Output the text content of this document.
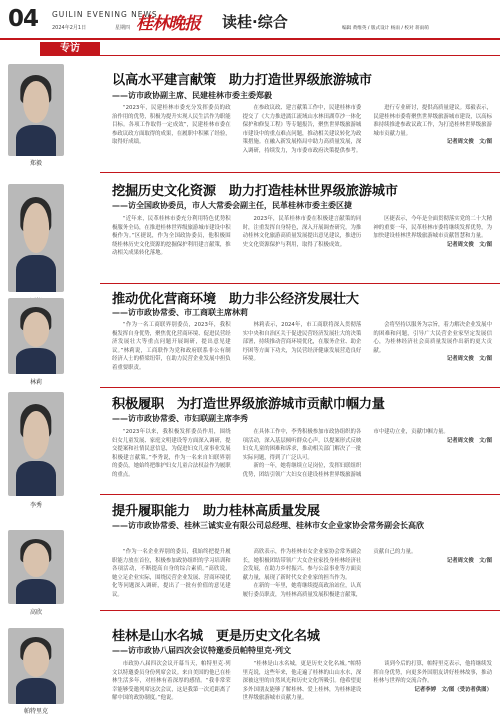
04 GUILIN EVENING NEWS
2024年2月1日	星期四 桂林晚报 读桂·综合	编辑 黄维英 / 版式设计 杨雨 / 校对 蒋雨萌
专访
郑毅
以高水平建言献策　助力打造世界级旅游城市
——访市政协副主席、民建桂林市委主委郑毅

“2023年，民建桂林市委充分发挥委员的政治作用的优势，积极为提升实现人民生活作为职能目标。各项工作取得一定成效”，民建桂林市委在参政议政方面取得的成果，在履职中积累了经验，取得好成绩。

在参政议政、建言献策工作中，民建桂林市委提交了《大力推进漓江流域山水林田湖草沙一体化保护和修复工程》等专题报告，聚焦世界级旅游城市建设中的重点难点问题，推动相关建议转化为政策措施。在融入新发展格局中助力高质量发展，深入调研，持续发力，为市委市政府决策提供参考。

进行专业研讨，提供高质量建议。郑毅表示，民建桂林市委将聚焦世界级旅游城市建设，以高标准持续推进参政议政工作，为打造桂林世界级旅游城市贡献力量。

记者周文俊　文/图

挖掘历史文化资源　助力打造桂林世界级旅游城市
——访全国政协委员，市人大常委会副主任，民革桂林市委主委区捷

“近年来，民革桂林市委充分利用特色优势积极服务全局，在推进桂林世界级旅游城市建设中积极作为。”区捷说，作为全国政协委员，他积极围绕桂林历史文化资源的挖掘保护利用建言献策，推动相关成果转化落地。

2023年，民革桂林市委在积极建言献策的同时，注重发挥自身特色，深入开展调查研究，为推动桂林文化旅游高质量发展提出意见建议，推进历史文化资源保护与利用，取得了积极成效。

区捷表示，今年是全面贯彻落实党的二十大精神的重要一年，民革桂林市委将继续发挥优势，为加快建设桂林世界级旅游城市贡献智慧和力量。

记者周文俊　文/图

林莉
推动优化营商环境　助力非公经济发展壮大
——访市政协常委、市工商联主席林莉

“作为一名工商联界别委员，2023年，我积极发挥自身优势，聚焦优化营商环境、促进民营经济发展壮大等重点问题开展调研，提出意见建议。”林莉说，工商联作为党和政府联系非公有制经济人士的桥梁纽带，在助力民营企业发展中担负着重要职责。

林莉表示，2024年，市工商联将深入贯彻落实中央和自治区关于促进民营经济发展壮大的决策部署，持续推动营商环境优化，在服务企业、助企纾困等方面下功夫，为民营经济健康发展营造良好环境。

会将坚持以服务为宗旨，着力解决企业发展中的困难和问题，引导广大民营企业家坚定发展信心，为桂林经济社会高质量发展作出新的更大贡献。

记者周文俊　文/图

李秀
积极履职　为打造世界级旅游城市贡献巾帼力量
——访市政协常委、市妇联副主席李秀

“2023年以来，我积极发挥委员作用，围绕妇女儿童发展、家庭文明建设等方面深入调研，提交提案和社情民意信息，为促进妇女儿童事业发展积极建言献策。”李秀说，作为一名来自妇联界别的委员，她始终把维护妇女儿童合法权益作为履职的重点。

在具体工作中，李秀积极参加市政协组织的各项活动，深入基层倾听群众心声，以提案形式反映妇女儿童的困难和诉求，推动相关部门解决了一批实际问题，得到了广泛认可。

新的一年，她将继续立足岗位，发挥妇联组织优势，团结引领广大妇女在建设桂林世界级旅游城市中建功立业，贡献巾帼力量。

记者周文俊　文/图

高欣
提升履职能力　助力桂林高质量发展
——访市政协常委、桂林三诚实业有限公司总经理、桂林市女企业家协会常务副会长高欣

“作为一名企业界别的委员，我始终把提升履职能力放在首位，积极参加政协组织的学习培训和各项活动，不断提高自身的综合素质。”高欣说，她立足企业实际，围绕民营企业发展、营商环境优化等问题深入调研，提出了一批有价值的意见建议。

高欣表示，作为桂林市女企业家协会常务副会长，她积极团结带领广大女企业家投身桂林经济社会发展，在助力乡村振兴、参与公益事业等方面贡献力量，展现了新时代女企业家的担当作为。

在新的一年里，她将继续提高政治站位，认真履行委员职责，为桂林高质量发展积极建言献策，贡献自己的力量。

记者周文俊　文/图

帕特里克
桂林是山水名城　更是历史文化名城
——访市政协八届四次会议特邀委员帕特里克·列文

市政协八届四次会议开幕当天，帕特里克·列文以特邀委员身份列席会议。来自美国的他已在桂林生活多年，对桂林有着深厚的感情。“我非常荣幸能够受邀列席这次会议，这是我第一次近距离了解中国的政协制度。”他说。

“桂林是山水名城，更是历史文化名城。”帕特里克说，这些年来，他走遍了桂林的山山水水，深深被这里的自然风光和历史文化所吸引。他希望更多外国朋友能够了解桂林、爱上桂林，为桂林建设世界级旅游城市贡献力量。

谈到今后的打算，帕特里克表示，他将继续发挥自身优势，向更多外国朋友讲好桂林故事，推动桂林与世界的交流合作。

记者李婷　文/图（受访者供图）
